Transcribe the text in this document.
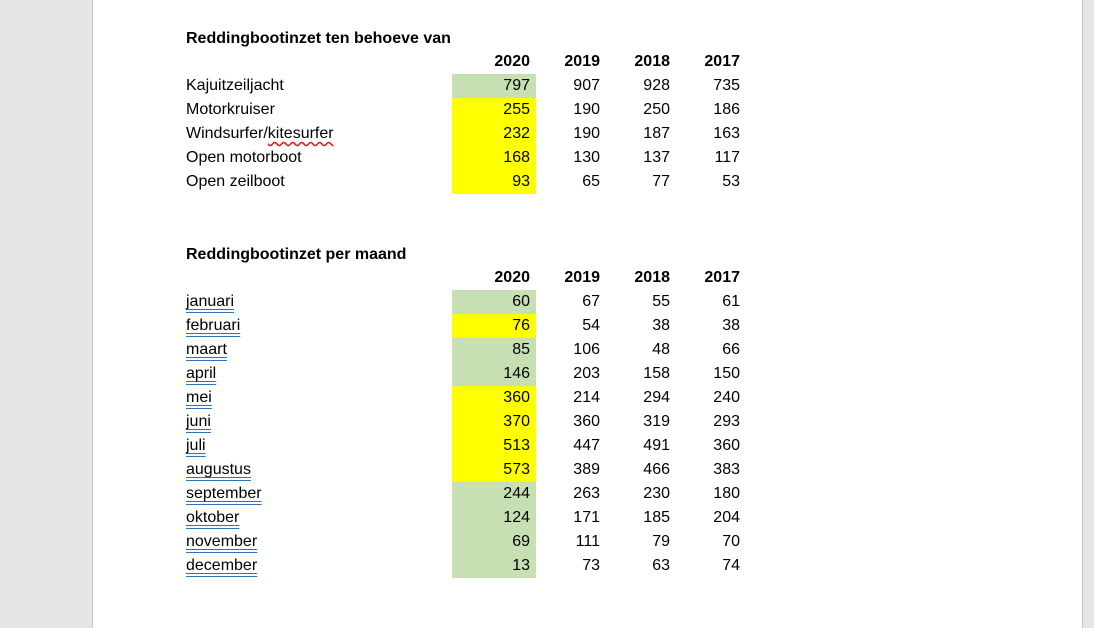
Reddingbootinzet ten behoeve van
	2020	2019	2018	2017
Kajuitzeiljacht	797	907	928	735
Motorkruiser	255	190	250	186
Windsurfer/kitesurfer	232	190	187	163
Open motorboot	168	130	137	117
Open zeilboot	93	65	77	53
Reddingbootinzet per maand
	2020	2019	2018	2017
januari	60	67	55	61
februari	76	54	38	38
maart	85	106	48	66
april	146	203	158	150
mei	360	214	294	240
juni	370	360	319	293
juli	513	447	491	360
augustus	573	389	466	383
september	244	263	230	180
oktober	124	171	185	204
november	69	111	79	70
december	13	73	63	74
